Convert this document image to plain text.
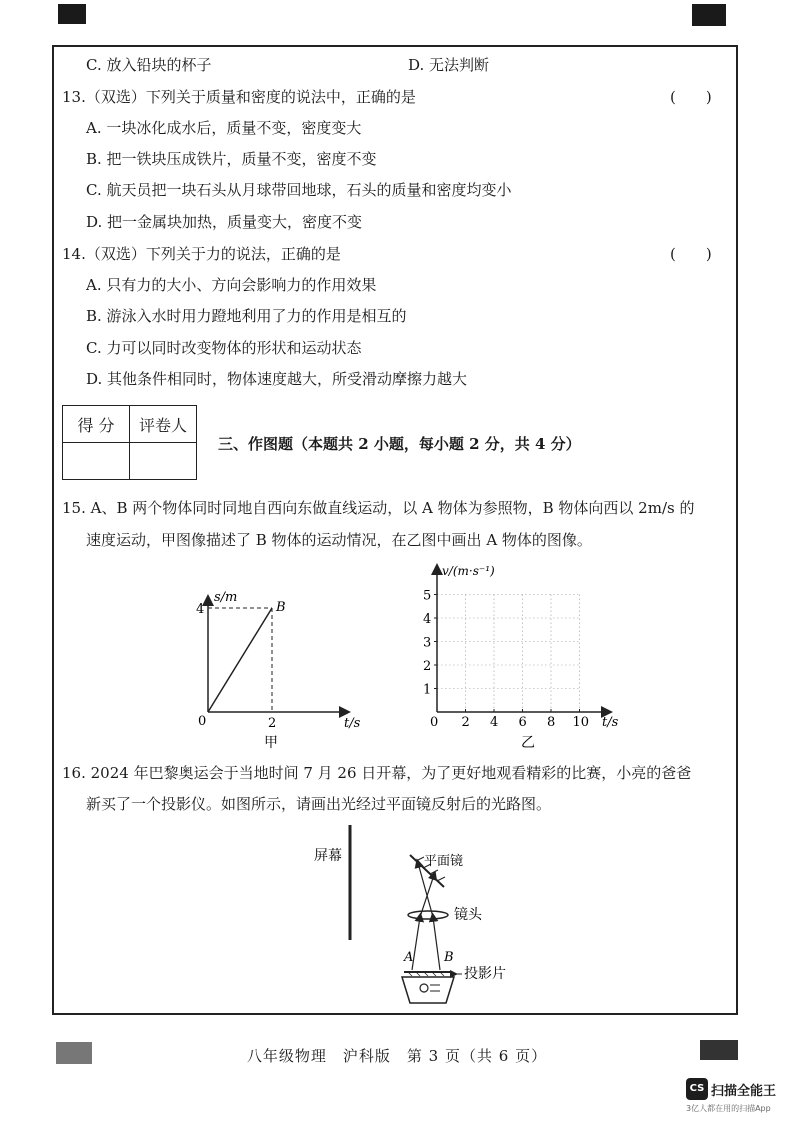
C. 放入铅块的杯子	D. 无法判断
13.（双选）下列关于质量和密度的说法中，正确的是	(　　)
A. 一块冰化成水后，质量不变，密度变大
B. 把一铁块压成铁片，质量不变，密度不变
C. 航天员把一块石头从月球带回地球，石头的质量和密度均变小
D. 把一金属块加热，质量变大，密度不变
14.（双选）下列关于力的说法，正确的是	(　　)
A. 只有力的大小、方向会影响力的作用效果
B. 游泳入水时用力蹬地利用了力的作用是相互的
C. 力可以同时改变物体的形状和运动状态
D. 其他条件相同时，物体速度越大，所受滑动摩擦力越大
得 分	评卷人

三、作图题（本题共 2 小题，每小题 2 分，共 4 分）
15. A、B 两个物体同时同地自西向东做直线运动，以 A 物体为参照物，B 物体向西以 2m/s 的
速度运动，甲图像描述了 B 物体的运动情况，在乙图中画出 A 物体的图像。
s/m
4	B
0	2	t/s
甲
1
2
3
4
5
2 4 6 8 10
v/(m·s⁻¹)
0	t/s
乙
16. 2024 年巴黎奥运会于当地时间 7 月 26 日开幕，为了更好地观看精彩的比赛，小亮的爸爸
新买了一个投影仪。如图所示，请画出光经过平面镜反射后的光路图。
屏幕	平面镜
镜头
A B
投影片
八年级物理　沪科版　第 3 页（共 6 页）
CS 扫描全能王
3亿人都在用的扫描App
